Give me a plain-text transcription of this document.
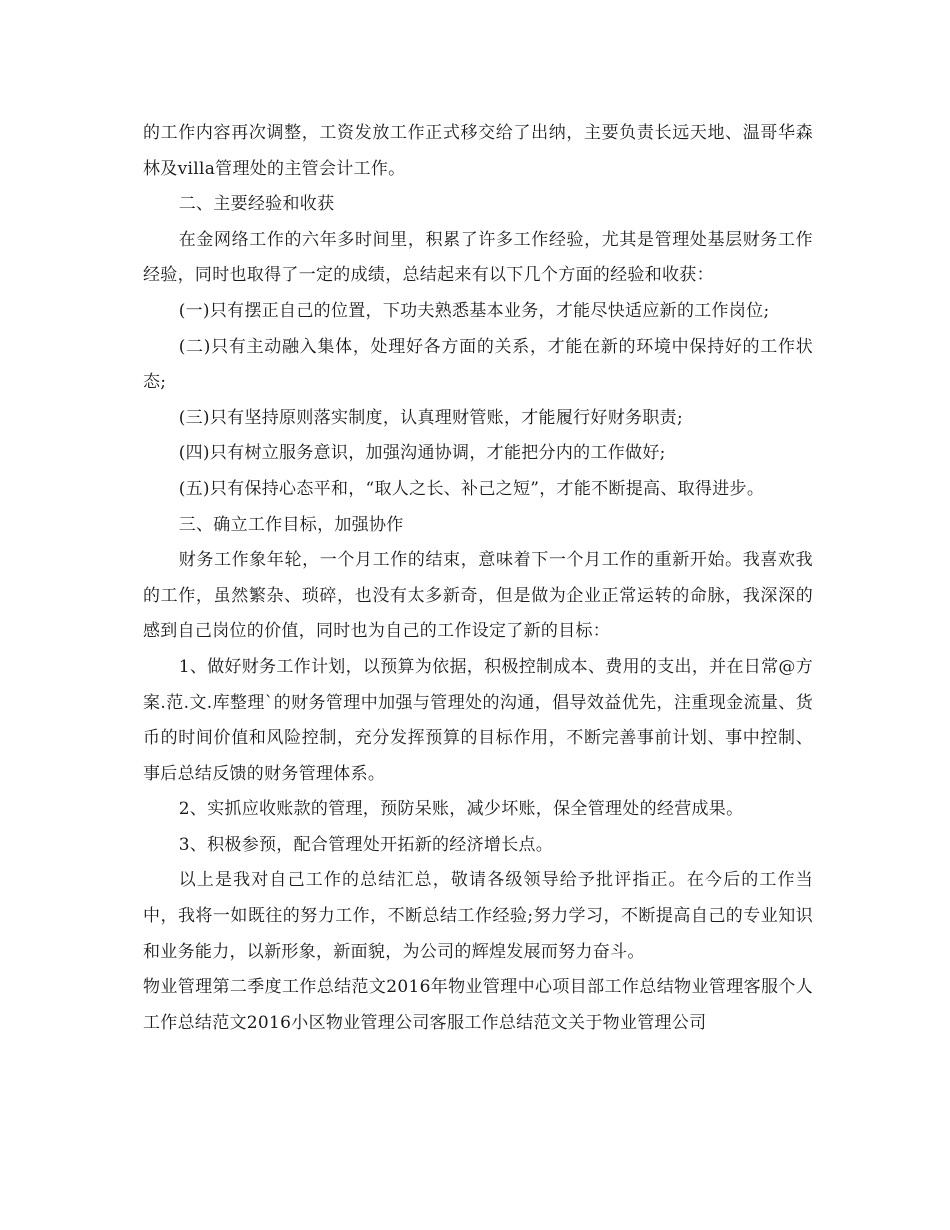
的工作内容再次调整，工资发放工作正式移交给了出纳，主要负责长远天地、温哥华森林及villa管理处的主管会计工作。

二、主要经验和收获

在金网络工作的六年多时间里，积累了许多工作经验，尤其是管理处基层财务工作经验，同时也取得了一定的成绩，总结起来有以下几个方面的经验和收获：

(一)只有摆正自己的位置，下功夫熟悉基本业务，才能尽快适应新的工作岗位;

(二)只有主动融入集体，处理好各方面的关系，才能在新的环境中保持好的工作状态;

(三)只有坚持原则落实制度，认真理财管账，才能履行好财务职责;

(四)只有树立服务意识，加强沟通协调，才能把分内的工作做好;

(五)只有保持心态平和，“取人之长、补己之短”，才能不断提高、取得进步。

三、确立工作目标，加强协作

财务工作象年轮，一个月工作的结束，意味着下一个月工作的重新开始。我喜欢我的工作，虽然繁杂、琐碎，也没有太多新奇，但是做为企业正常运转的命脉，我深深的感到自己岗位的价值，同时也为自己的工作设定了新的目标：

1、做好财务工作计划，以预算为依据，积极控制成本、费用的支出，并在日常@方案.范.文.库整理`的财务管理中加强与管理处的沟通，倡导效益优先，注重现金流量、货币的时间价值和风险控制，充分发挥预算的目标作用，不断完善事前计划、事中控制、事后总结反馈的财务管理体系。

2、实抓应收账款的管理，预防呆账，减少坏账，保全管理处的经营成果。

3、积极参预，配合管理处开拓新的经济增长点。

以上是我对自己工作的总结汇总，敬请各级领导给予批评指正。在今后的工作当中，我将一如既往的努力工作，不断总结工作经验;努力学习，不断提高自己的专业知识和业务能力，以新形象，新面貌，为公司的辉煌发展而努力奋斗。

物业管理第二季度工作总结范文2016年物业管理中心项目部工作总结物业管理客服个人工作总结范文2016小区物业管理公司客服工作总结范文关于物业管理公司
